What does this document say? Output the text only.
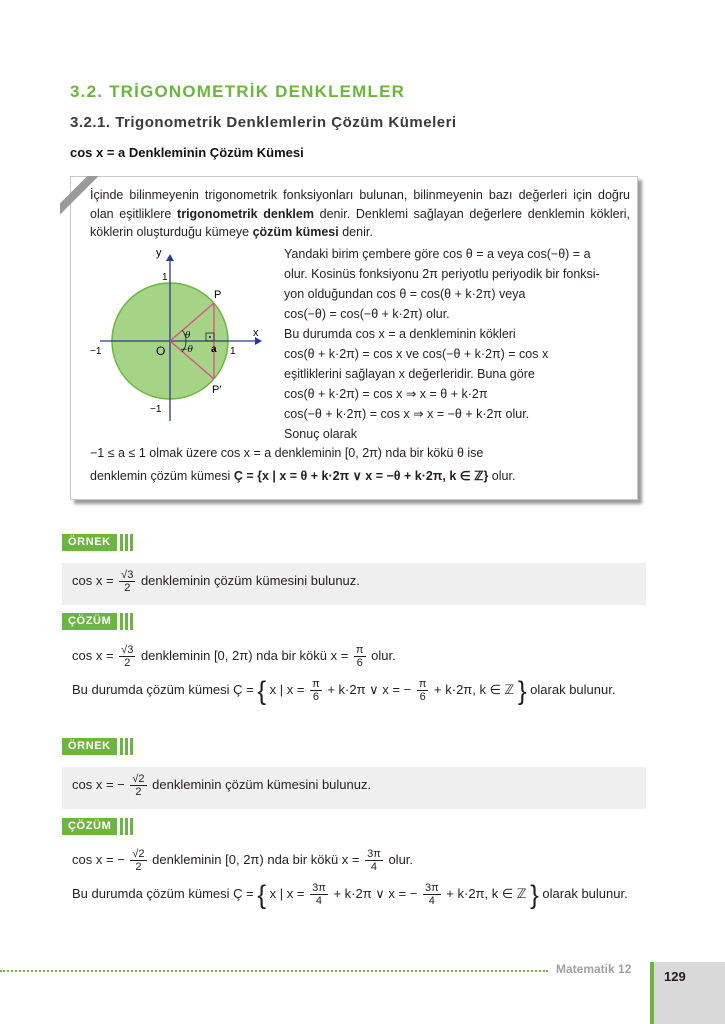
3.2. TRİGONOMETRİK DENKLEMLER
3.2.1. Trigonometrik Denklemlerin Çözüm Kümeleri
cos x = a Denkleminin Çözüm Kümesi
İçinde bilinmeyenin trigonometrik fonksiyonları bulunan, bilinmeyenin bazı değerleri için doğru olan eşitliklere trigonometrik denklem denir. Denklemi sağlayan değerlere denklemin kökleri, köklerin oluşturduğu kümeye çözüm kümesi denir.
y
x
1
1
−1
−1
O
P
P′
θ
−θ a
Yandaki birim çembere göre cos θ = a veya cos(−θ) = a
olur. Kosinüs fonksiyonu 2π periyotlu periyodik bir fonksi-
yon olduğundan cos θ = cos(θ + k·2π) veya
cos(−θ) = cos(−θ + k·2π) olur.
Bu durumda cos x = a denkleminin kökleri
cos(θ + k·2π) = cos x ve cos(−θ + k·2π) = cos x
eşitliklerini sağlayan x değerleridir. Buna göre
cos(θ + k·2π) = cos x ⇒ x = θ + k·2π
cos(−θ + k·2π) = cos x ⇒ x = −θ + k·2π olur.
Sonuç olarak
−1 ≤ a ≤ 1 olmak üzere cos x = a denkleminin [0, 2π) nda bir kökü θ ise
denklemin çözüm kümesi Ç = {x | x = θ + k·2π ∨ x = −θ + k·2π, k ∈ ℤ} olur.
ÖRNEK
$\cos x = \frac{√3}{2}$ denkleminin çözüm kümesini bulunuz.
ÇÖZÜM
$\cos x = \frac{√3}{2}$ denkleminin [0, 2π) nda bir kökü $x = \frac{\pi}{6}$ olur.
Bu durumda çözüm kümesi Ç = { x | $x = \frac{\pi}{6} + k\cdot 2\pi$ ∨ x = − $\frac{\pi}{6} + k\cdot 2\pi$, k ∈ ℤ } olarak bulunur.
ÖRNEK
cos x = − $\frac{√2}{2}$ denkleminin çözüm kümesini bulunuz.
ÇÖZÜM
cos x = − $\frac{√2}{2}$ denkleminin [0, 2π) nda bir kökü $x = \frac{3\pi}{4}$ olur.
Bu durumda çözüm kümesi Ç = { x | $x = \frac{3\pi}{4} + k\cdot 2\pi$ ∨ x = − $\frac{3\pi}{4} + k\cdot 2\pi$, k ∈ ℤ } olarak bulunur.
Matematik 12	129
